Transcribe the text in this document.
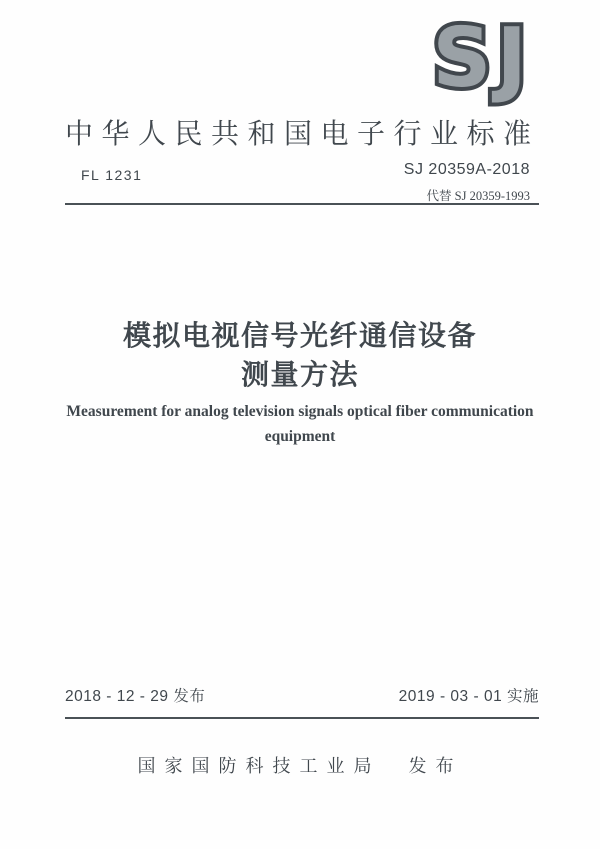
SJ
中华人民共和国电子行业标准
FL 1231	SJ 20359A-2018
代替 SJ 20359-1993
模拟电视信号光纤通信设备
测量方法
Measurement for analog television signals optical fiber communication
equipment
2018 - 12 - 29 发布	2019 - 03 - 01 实施
国家国防科技工业局  发布
